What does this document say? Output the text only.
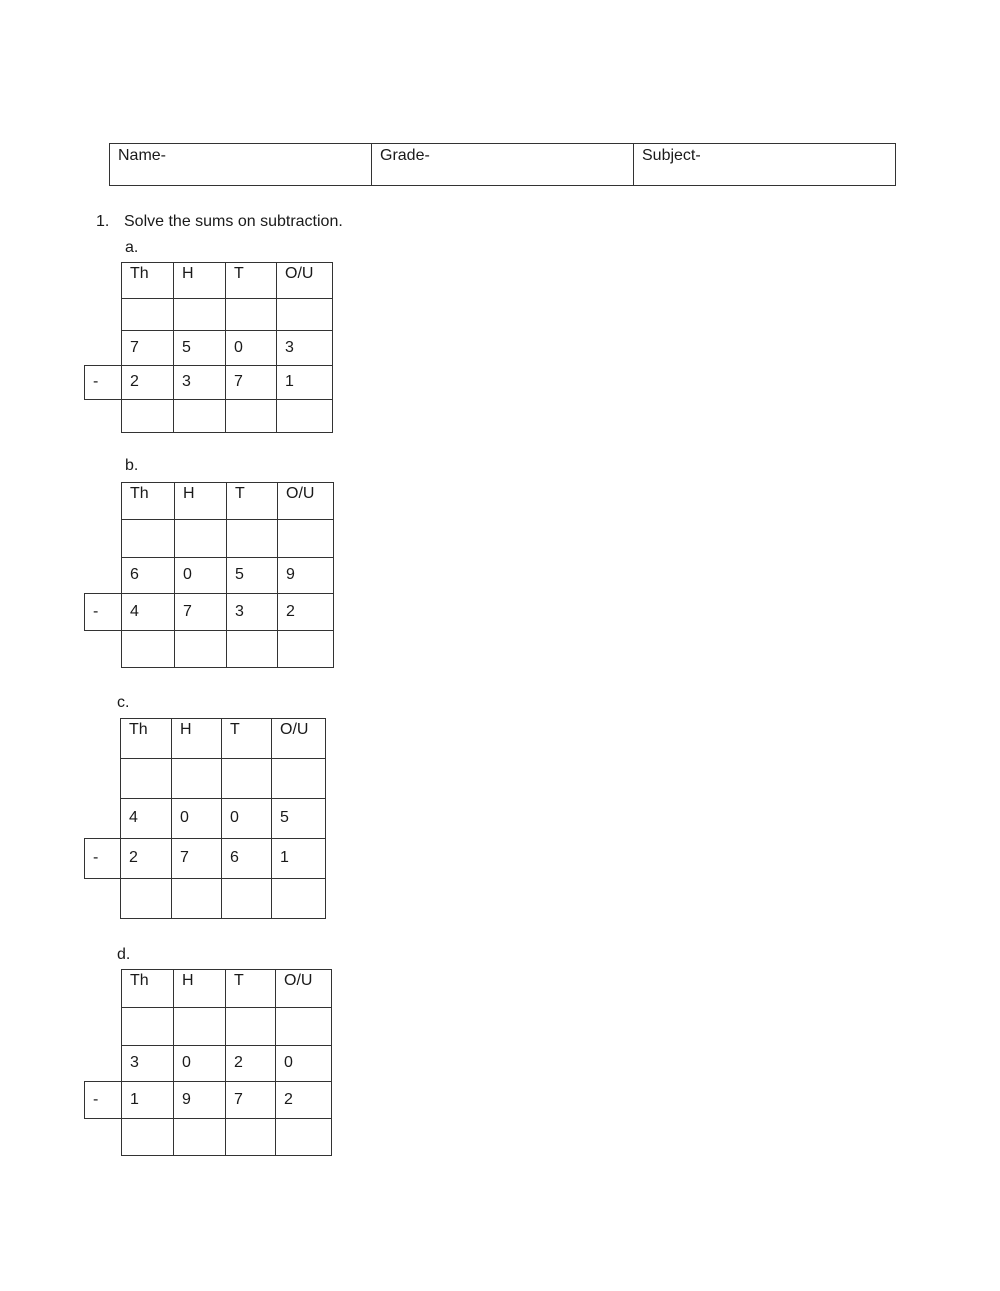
Name-	Grade-	Subject-
1. Solve the sums on subtraction.
a.
Th	H	T	O/U

7	5	0	3
2	3	7	1

-
b.
Th	H	T	O/U

6	0	5	9
4	7	3	2

-
c.
Th	H	T	O/U

4	0	0	5
2	7	6	1

-
d.
Th	H	T	O/U

3	0	2	0
1	9	7	2

-
